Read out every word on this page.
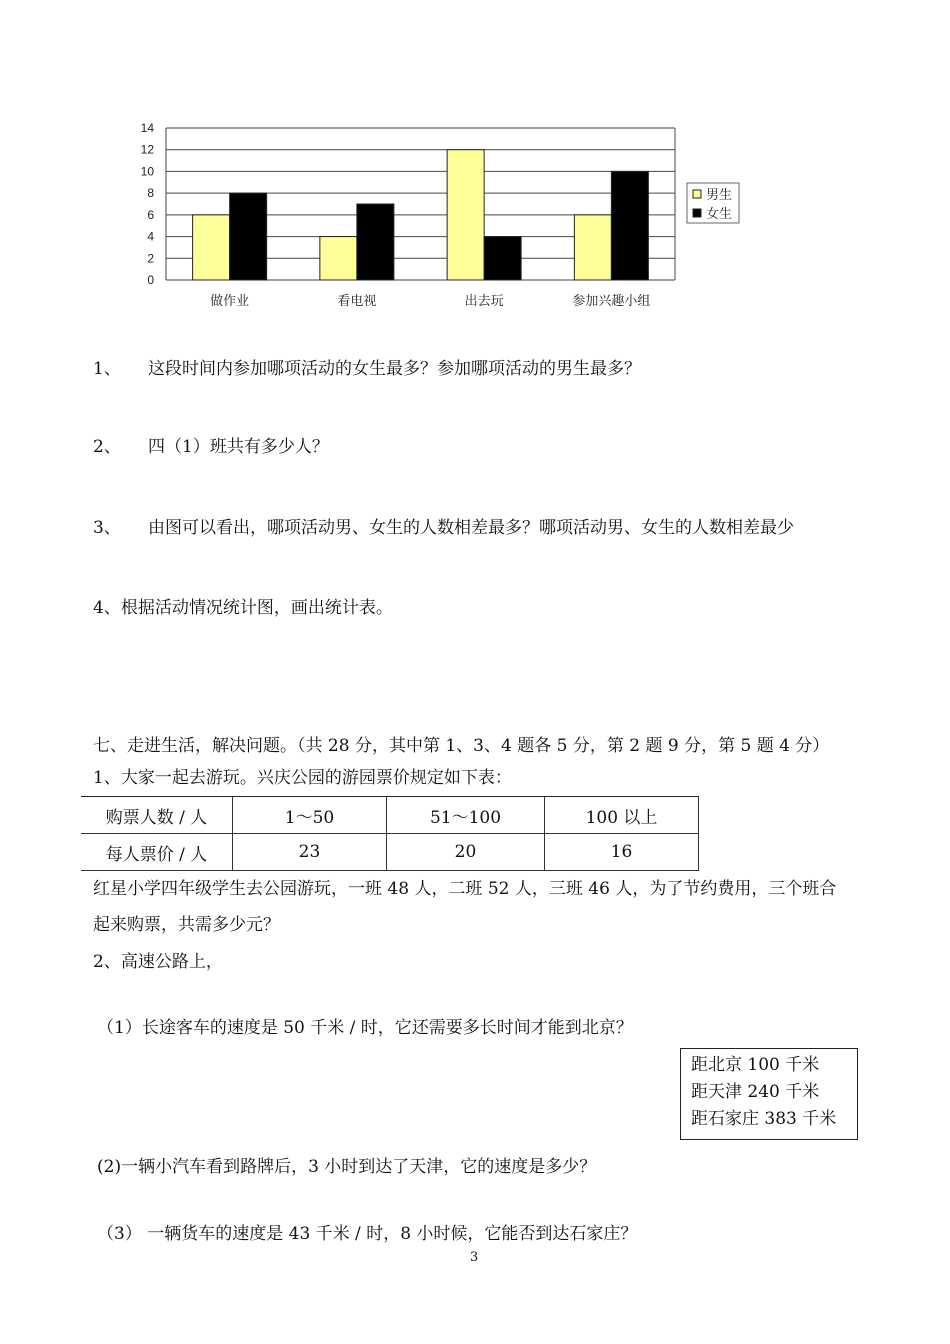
0
2
4
6
8
10
12
14
做作业	看电视	出去玩	参加兴趣小组
男生
女生
1、 这段时间内参加哪项活动的女生最多？参加哪项活动的男生最多？
2、 四（1）班共有多少人？
3、 由图可以看出，哪项活动男、女生的人数相差最多？哪项活动男、女生的人数相差最少
4、根据活动情况统计图，画出统计表。
七、走进生活，解决问题。（共 28 分，其中第 1、3、4 题各 5 分，第 2 题 9 分，第 5 题 4 分）
1、大家一起去游玩。兴庆公园的游园票价规定如下表：
购票人数 / 人	1～50	51～100	100 以上
每人票价 / 人	23	20	16
红星小学四年级学生去公园游玩，一班 48 人，二班 52 人，三班 46 人，为了节约费用，三个班合
起来购票，共需多少元？
2、高速公路上，
（1）长途客车的速度是 50 千米 / 时，它还需要多长时间才能到北京？
距北京 100 千米
距天津 240 千米
距石家庄 383 千米
(2)一辆小汽车看到路牌后，3 小时到达了天津，它的速度是多少？
（3） 一辆货车的速度是 43 千米 / 时，8 小时候，它能否到达石家庄？
3
